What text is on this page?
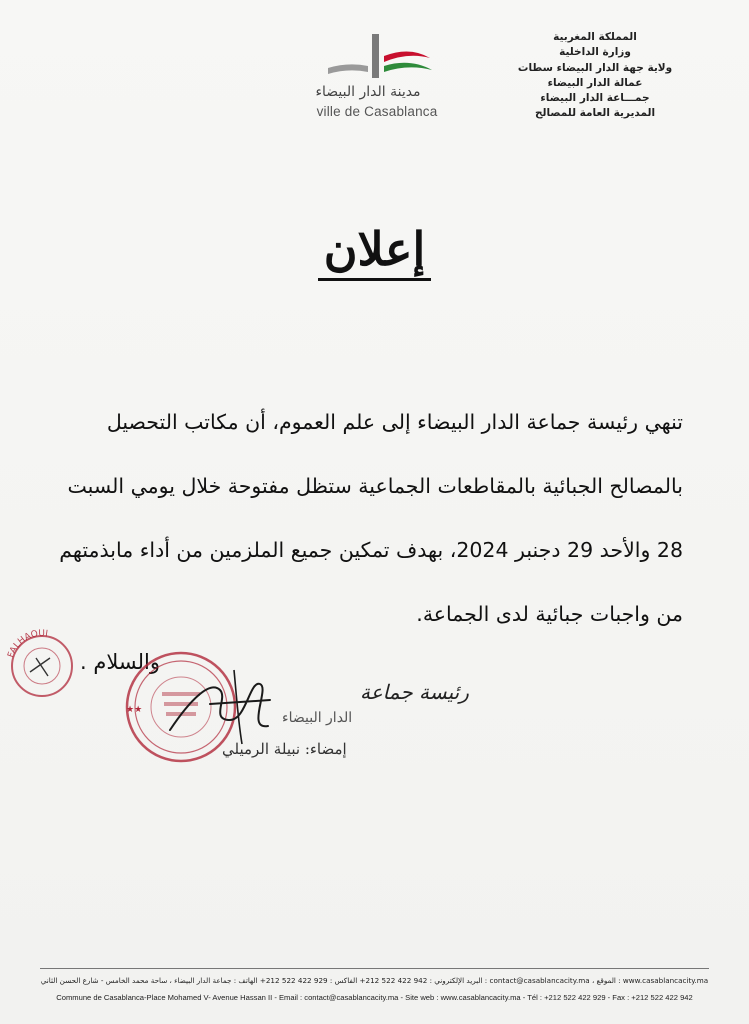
المملكة المغربية
وزارة الداخلية
ولاية جهة الدار البيضاء سطات
عمالة الدار البيضاء
جمـــاعة الدار البيضاء
المديرية العامة للمصالح
مدينة الدار البيضاء
ville de Casablanca
إعلان
تنهي رئيسة جماعة الدار البيضاء إلى علم العموم، أن مكاتب التحصيل
بالمصالح الجبائية بالمقاطعات الجماعية ستظل مفتوحة خلال يومي السبت
28 والأحد 29 دجنبر 2024، بهدف تمكين جميع الملزمين من أداء مابذمتهم
من واجبات جبائية لدى الجماعة.
والسلام .
FALHAOUI
★★
رئيسة جماعة
الدار البيضاء
إمضاء: نبيلة الرميلي
www.casablancacity.ma : الموقع ، contact@casablancacity.ma : البريد الإلكتروني : 942 422 522 212+ الفاكس : 929 422 522 212+ الهاتف : جماعة الدار البيضاء ، ساحة محمد الخامس - شارع الحسن الثاني
Commune de Casablanca-Place Mohamed V- Avenue Hassan II - Email : contact@casablancacity.ma - Site web : www.casablancacity.ma - Tél : +212 522 422 929 - Fax : +212 522 422 942
